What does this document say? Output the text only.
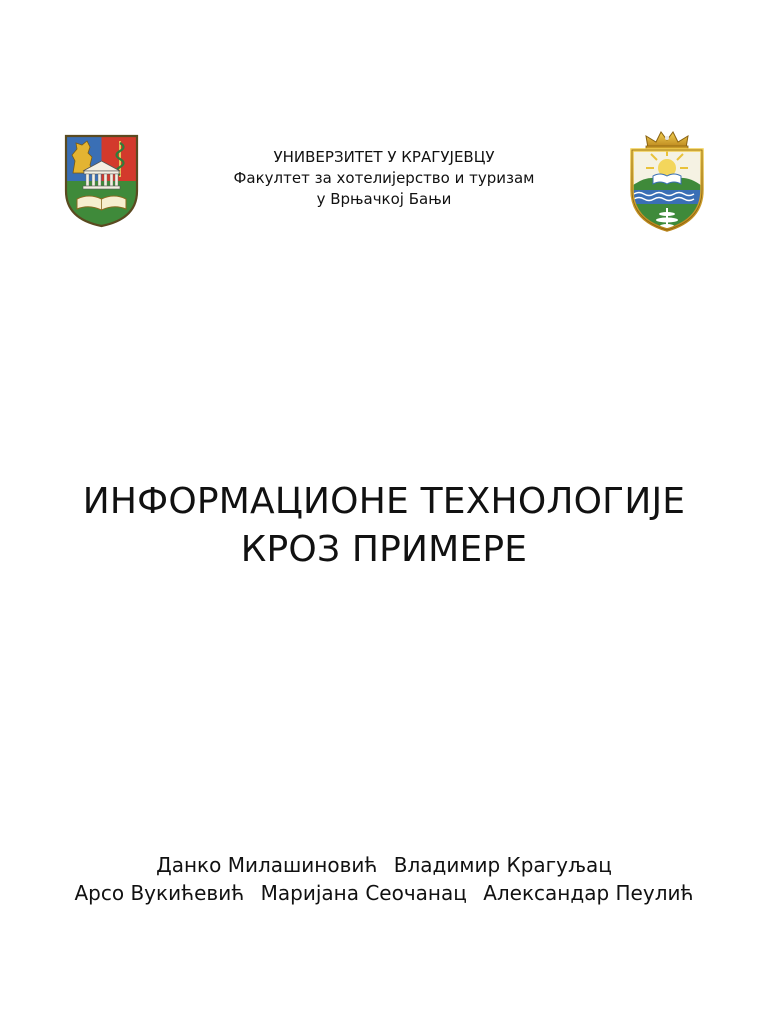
УНИВЕРЗИТЕТ У КРАГУЈЕВЦУ
Факултет за хотелијерство и туризам
у Врњачкој Бањи
ИНФОРМАЦИОНЕ ТЕХНОЛОГИЈЕ
КРОЗ ПРИМЕРЕ
Данко Милашиновић Владимир Крагуљац
Арсо Вукићевић Маријана Сеочанац Александар Пеулић
